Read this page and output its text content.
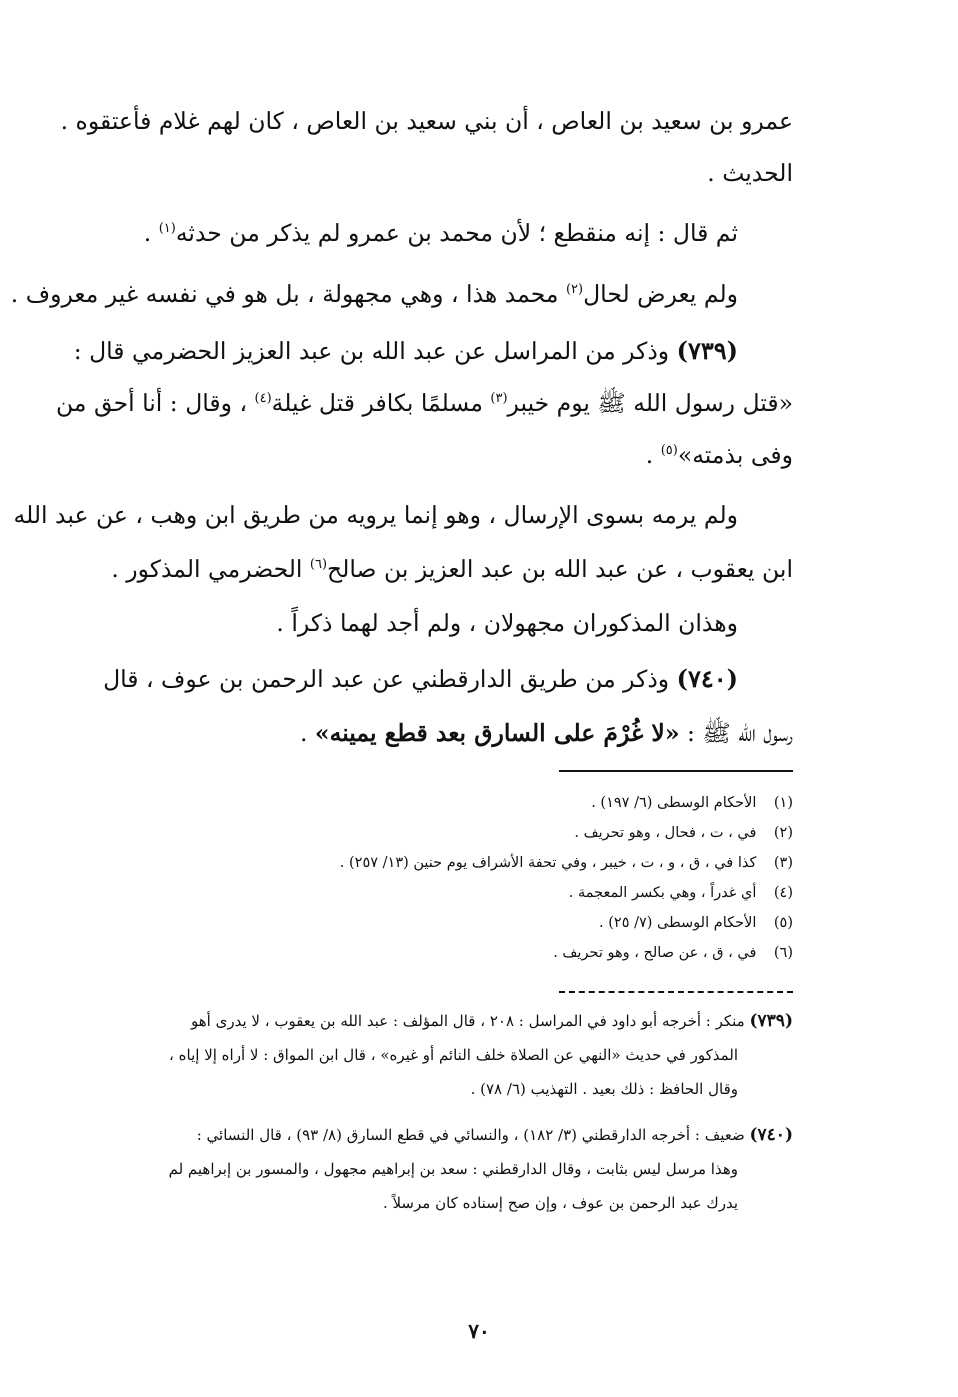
عمرو بن سعيد بن العاص ، أن بني سعيد بن العاص ، كان لهم غلام فأعتقوه .
الحديث .
ثم قال : إنه منقطع ؛ لأن محمد بن عمرو لم يذكر من حدثه$^{(١)}$ .
ولم يعرض لحال$^{(٢)}$ محمد هذا ، وهي مجهولة ، بل هو في نفسه غير معروف .
(٧٣٩) وذكر من المراسل عن عبد الله بن عبد العزيز الحضرمي قال :
«قتل رسول الله ﷺ يوم خيبر$^{(٣)}$ مسلمًا بكافر قتل غيلة$^{(٤)}$ ، وقال : أنا أحق من
وفى بذمته»$^{(٥)}$ .
ولم يرمه بسوى الإرسال ، وهو إنما يرويه من طريق ابن وهب ، عن عبد الله
ابن يعقوب ، عن عبد الله بن عبد العزيز بن صالح$^{(٦)}$ الحضرمي المذكور .
وهذان المذكوران مجهولان ، ولم أجد لهما ذكراً .
(٧٤٠) وذكر من طريق الدارقطني عن عبد الرحمن بن عوف ، قال
رسول الله ﷺ : «لا غُرْمَ على السارق بعد قطع يمينه» .
(١) الأحكام الوسطى (٦/ ١٩٧) .
(٢) في ، ت ، فحال ، وهو تحريف .
(٣) كذا في ، ق ، و ، ت ، خيبر ، وفي تحفة الأشراف يوم حنين (١٣/ ٢٥٧) .
(٤) أي غدراً ، وهي بكسر المعجمة .
(٥) الأحكام الوسطى (٧/ ٢٥) .
(٦) في ، ق ، عن صالح ، وهو تحريف .
(٧٣٩) منكر : أخرجه أبو داود في المراسل : ٢٠٨ ، قال المؤلف : عبد الله بن يعقوب ، لا يدرى أهو
المذكور في حديث «النهي عن الصلاة خلف النائم أو غيره» ، قال ابن المواق : لا أراه إلا إياه ،
وقال الحافظ : ذلك بعيد . التهذيب (٦/ ٧٨) .
(٧٤٠) ضعيف : أخرجه الدارقطني (٣/ ١٨٢) ، والنسائي في قطع السارق (٨/ ٩٣) ، قال النسائي :
وهذا مرسل ليس بثابت ، وقال الدارقطني : سعد بن إبراهيم مجهول ، والمسور بن إبراهيم لم
يدرك عبد الرحمن بن عوف ، وإن صح إسناده كان مرسلاً .
٧٠
